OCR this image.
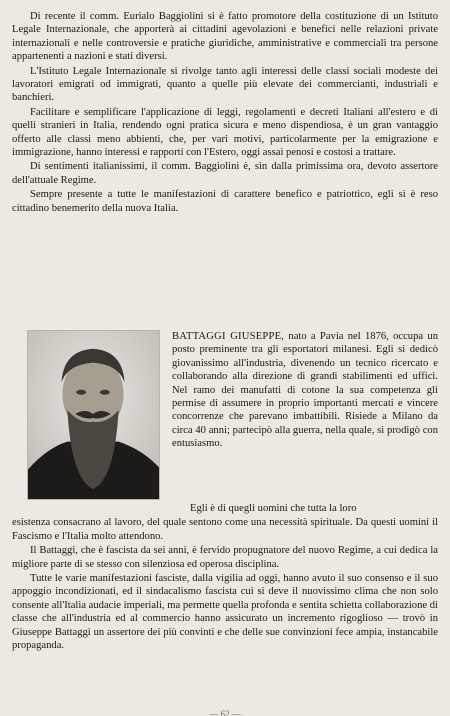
Di recente il comm. Eurialo Baggiolini si è fatto promotore della costituzione di un Istituto Legale Internazionale, che apporterà ai cittadini agevolazioni e benefici nelle relazioni private internazionali e nelle controversie e pratiche giuridiche, amministrative e commerciali tra persone appartenenti a nazioni e stati diversi.

L'Istituto Legale Internazionale si rivolge tanto agli interessi delle classi sociali modeste dei lavoratori emigrati od immigrati, quanto a quelle più elevate dei commercianti, industriali e banchieri.

Facilitare e semplificare l'applicazione di leggi, regolamenti e decreti Italiani all'estero e di quelli stranieri in Italia, rendendo ogni pratica sicura e meno dispendiosa, è un gran vantaggio offerto alle classi meno abbienti, che, per vari motivi, particolarmente per la emigrazione e immigrazione, hanno interessi e rapporti con l'Estero, oggi assai penosi e costosi a trattare.

Di sentimenti italianissimi, il comm. Baggiolini è, sin dalla primissima ora, devoto assertore dell'attuale Regime.

Sempre presente a tutte le manifestazioni di carattere benefico e patriottico, egli si è reso cittadino benemerito della nuova Italia.

BATTAGGI GIUSEPPE, nato a Pavia nel 1876, occupa un posto preminente tra gli esportatori milanesi. Egli si dedicò giovanissimo all'industria, divenendo un tecnico ricercato e collaborando alla direzione di grandi stabilimenti ed uffici. Nel ramo dei manufatti di cotone la sua competenza gli permise di assumere in proprio importanti mercati e vincere concorrenze che parevano imbattibili. Risiede a Milano da circa 40 anni; partecipò alla guerra, nella quale, si prodigò con entusiasmo.

Egli è di quegli uomini che tutta la loro

esistenza consacrano al lavoro, del quale sentono come una necessità spirituale. Da questi uomini il Fascismo e l'Italia molto attendono.

Il Battaggi, che è fascista da sei anni, è fervido propugnatore del nuovo Regime, a cui dedica la migliore parte di se stesso con silenziosa ed operosa disciplina.

Tutte le varie manifestazioni fasciste, dalla vigilia ad oggi, hanno avuto il suo consenso e il suo appoggio incondizionati, ed il sindacalismo fascista cui si deve il nuovissimo clima che non solo consente all'Italia audacie imperiali, ma permette quella profonda e sentita schietta collaborazione di classe che all'industria ed al commercio hanno assicurato un incremento rigoglioso — trovò in Giuseppe Battaggi un assertore dei più convinti e che delle sue convinzioni fece ampia, instancabile propaganda.

— 62 —
